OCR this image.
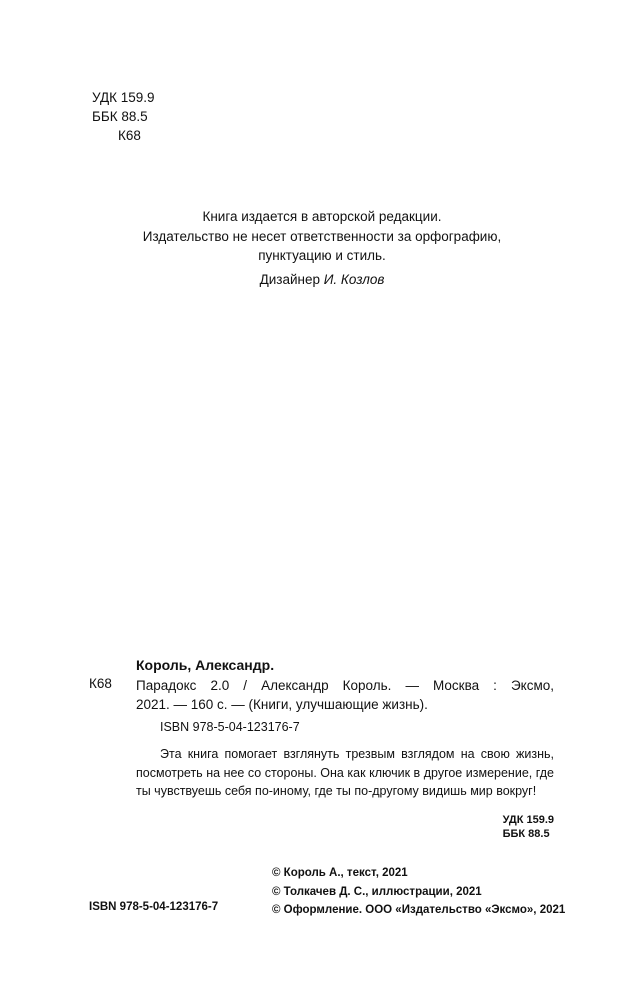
УДК 159.9
ББК 88.5
К68
Книга издается в авторской редакции.
Издательство не несет ответственности за орфографию,
пунктуацию и стиль.
Дизайнер И. Козлов
Король, Александр.
К68 Парадокс 2.0 / Александр Король. — Москва : Эксмо,
2021. — 160 с. — (Книги, улучшающие жизнь).
ISBN 978-5-04-123176-7

Эта книга помогает взглянуть трезвым взглядом на свою жизнь,

посмотреть на нее со стороны. Она как ключик в другое измерение, где

ты чувствуешь себя по-иному, где ты по-другому видишь мир вокруг!

УДК 159.9
ББК 88.5
© Король А., текст, 2021
© Толкачев Д. С., иллюстрации, 2021
© Оформление. ООО «Издательство «Эксмо», 2021
ISBN 978-5-04-123176-7
